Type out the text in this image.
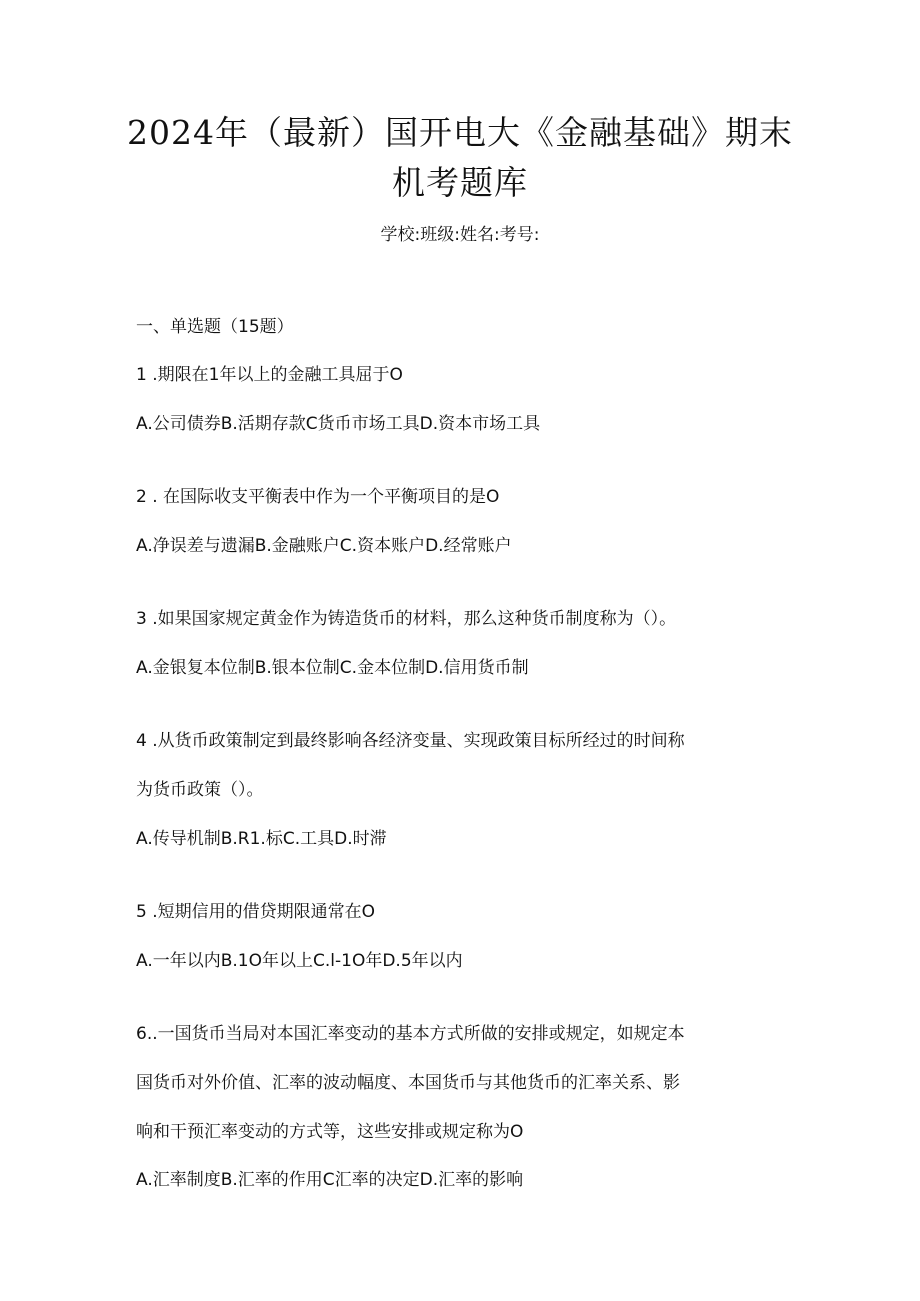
2024年（最新）国开电大《金融基础》期末
机考题库
学校:班级:姓名:考号:
一、单选题（15题）
1 .期限在1年以上的金融工具屈于O
A.公司债券B.活期存款C货币市场工具D.资本市场工具
2 . 在国际收支平衡表中作为一个平衡项目的是O
A.净误差与遗漏B.金融账户C.资本账户D.经常账户
3 .如果国家规定黄金作为铸造货币的材料，那么这种货币制度称为（）。
A.金银复本位制B.银本位制C.金本位制D.信用货币制
4 .从货币政策制定到最终影响各经济变量、实现政策目标所经过的时间称
为货币政策（）。
A.传导机制B.R1.标C.工具D.时滞
5 .短期信用的借贷期限通常在O
A.一年以内B.1O年以上C.l-1O年D.5年以内
6..一国货币当局对本国汇率变动的基本方式所做的安排或规定，如规定本
国货币对外价值、汇率的波动幅度、本国货币与其他货币的汇率关系、影
响和干预汇率变动的方式等，这些安排或规定称为O
A.汇率制度B.汇率的作用C汇率的决定D.汇率的影响
